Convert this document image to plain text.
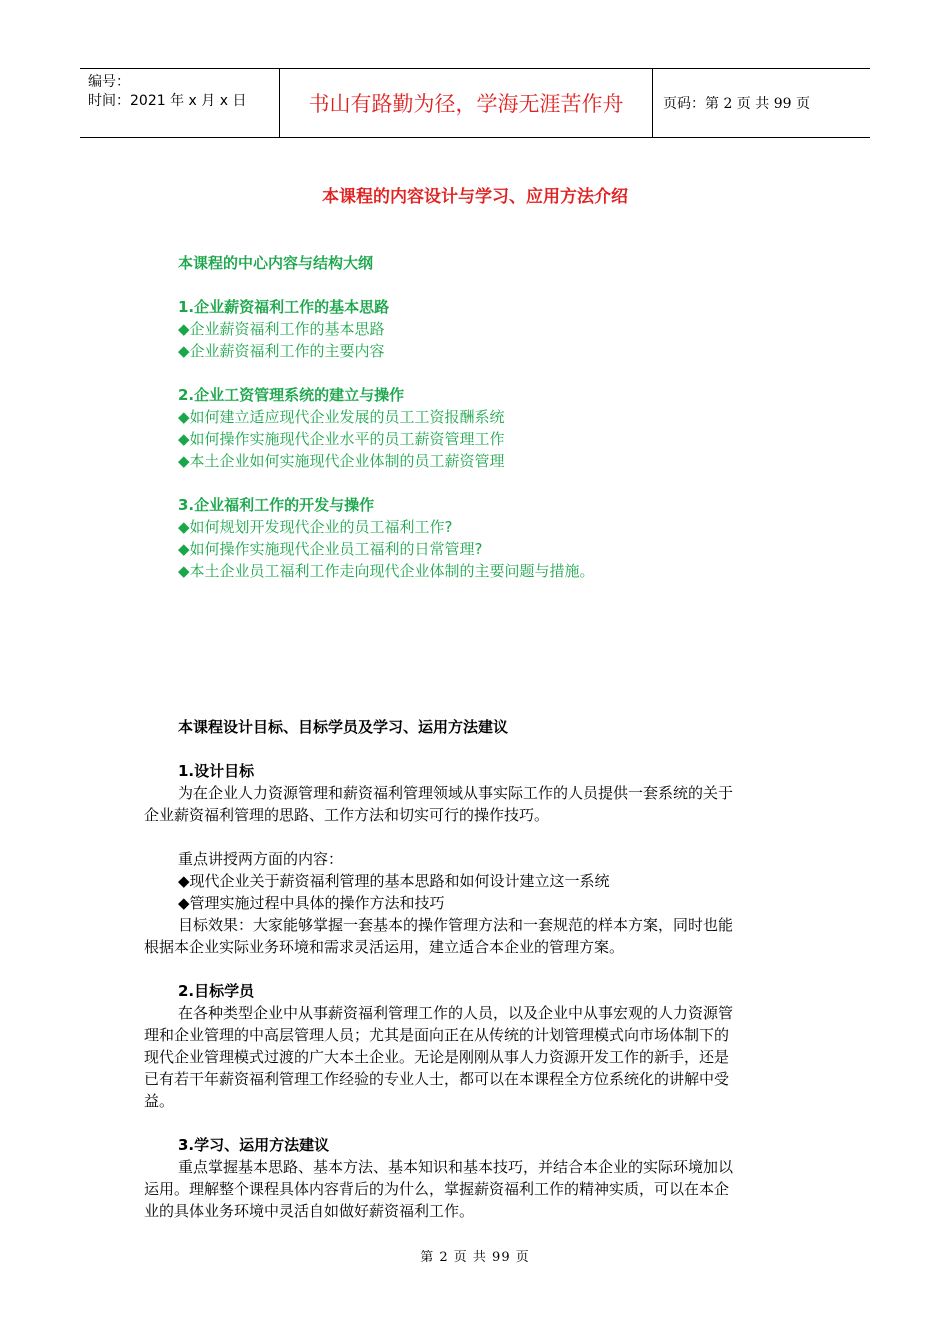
编号：
时间：2021 年 x 月 x 日	书山有路勤为径，学海无涯苦作舟	页码：第 2 页 共 99 页
本课程的内容设计与学习、应用方法介绍
本课程的中心内容与结构大纲
1.企业薪资福利工作的基本思路
◆企业薪资福利工作的基本思路
◆企业薪资福利工作的主要内容
2.企业工资管理系统的建立与操作
◆如何建立适应现代企业发展的员工工资报酬系统
◆如何操作实施现代企业水平的员工薪资管理工作
◆本土企业如何实施现代企业体制的员工薪资管理
3.企业福利工作的开发与操作
◆如何规划开发现代企业的员工福利工作?
◆如何操作实施现代企业员工福利的日常管理?
◆本土企业员工福利工作走向现代企业体制的主要问题与措施。
本课程设计目标、目标学员及学习、运用方法建议
1.设计目标
为在企业人力资源管理和薪资福利管理领域从事实际工作的人员提供一套系统的关于
企业薪资福利管理的思路、工作方法和切实可行的操作技巧。
重点讲授两方面的内容：
◆现代企业关于薪资福利管理的基本思路和如何设计建立这一系统
◆管理实施过程中具体的操作方法和技巧
目标效果：大家能够掌握一套基本的操作管理方法和一套规范的样本方案，同时也能
根据本企业实际业务环境和需求灵活运用，建立适合本企业的管理方案。
2.目标学员
在各种类型企业中从事薪资福利管理工作的人员，以及企业中从事宏观的人力资源管
理和企业管理的中高层管理人员；尤其是面向正在从传统的计划管理模式向市场体制下的
现代企业管理模式过渡的广大本土企业。无论是刚刚从事人力资源开发工作的新手，还是
已有若干年薪资福利管理工作经验的专业人士，都可以在本课程全方位系统化的讲解中受
益。
3.学习、运用方法建议
重点掌握基本思路、基本方法、基本知识和基本技巧，并结合本企业的实际环境加以
运用。理解整个课程具体内容背后的为什么，掌握薪资福利工作的精神实质，可以在本企
业的具体业务环境中灵活自如做好薪资福利工作。
第 2 页 共 99 页
